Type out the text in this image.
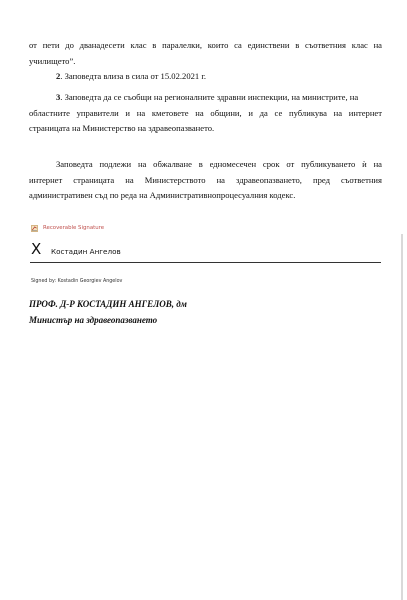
от пети до дванадесети клас в паралелки, които са единствени в съответния клас на
училището”.
2. Заповедта влиза в сила от 15.02.2021 г.
3. Заповедта да се съобщи на регионалните здравни инспекции, на министрите, на
областните управители и на кметовете на общини, и да се публикува на интернет
страницата на Министерство на здравеопазването.
Заповедта подлежи на обжалване в едномесечен срок от публикуването ѝ на
интернет страницата на Министерството на здравеопазването, пред съответния
административен съд по реда на Административнопроцесуалния кодекс.
Recoverable Signature
X Костадин Ангелов
Signed by: Kostadin Georgiev Angelov
ПРОФ. Д-Р КОСТАДИН АНГЕЛОВ, дм
Министър на здравеопазването
